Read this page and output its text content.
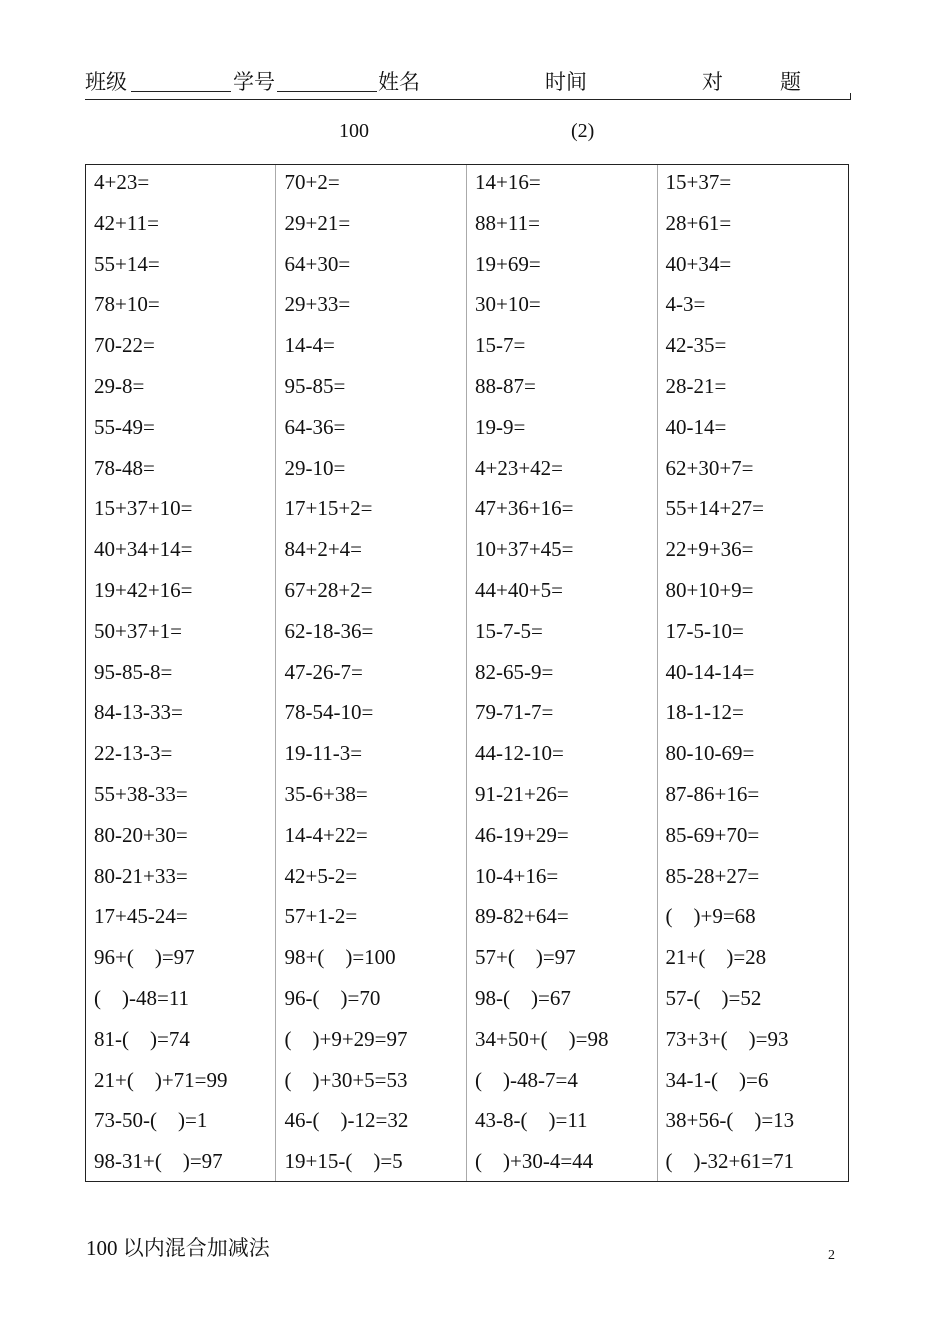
班级	学号	姓名	时间	对	题
100	(2)
4+23=	70+2=	14+16=	15+37=
42+11=	29+21=	88+11=	28+61=
55+14=	64+30=	19+69=	40+34=
78+10=	29+33=	30+10=	4-3=
70-22=	14-4=	15-7=	42-35=
29-8=	95-85=	88-87=	28-21=
55-49=	64-36=	19-9=	40-14=
78-48=	29-10=	4+23+42=	62+30+7=
15+37+10=	17+15+2=	47+36+16=	55+14+27=
40+34+14=	84+2+4=	10+37+45=	22+9+36=
19+42+16=	67+28+2=	44+40+5=	80+10+9=
50+37+1=	62-18-36=	15-7-5=	17-5-10=
95-85-8=	47-26-7=	82-65-9=	40-14-14=
84-13-33=	78-54-10=	79-71-7=	18-1-12=
22-13-3=	19-11-3=	44-12-10=	80-10-69=
55+38-33=	35-6+38=	91-21+26=	87-86+16=
80-20+30=	14-4+22=	46-19+29=	85-69+70=
80-21+33=	42+5-2=	10-4+16=	85-28+27=
17+45-24=	57+1-2=	89-82+64=	(    )+9=68
96+(    )=97	98+(    )=100	57+(    )=97	21+(    )=28
(    )-48=11	96-(    )=70	98-(    )=67	57-(    )=52
81-(    )=74	(    )+9+29=97	34+50+(    )=98	73+3+(    )=93
21+(    )+71=99	(    )+30+5=53	(    )-48-7=4	34-1-(    )=6
73-50-(    )=1	46-(    )-12=32	43-8-(    )=11	38+56-(    )=13
98-31+(    )=97	19+15-(    )=5	(    )+30-4=44	(    )-32+61=71
100 以内混合加减法	2
